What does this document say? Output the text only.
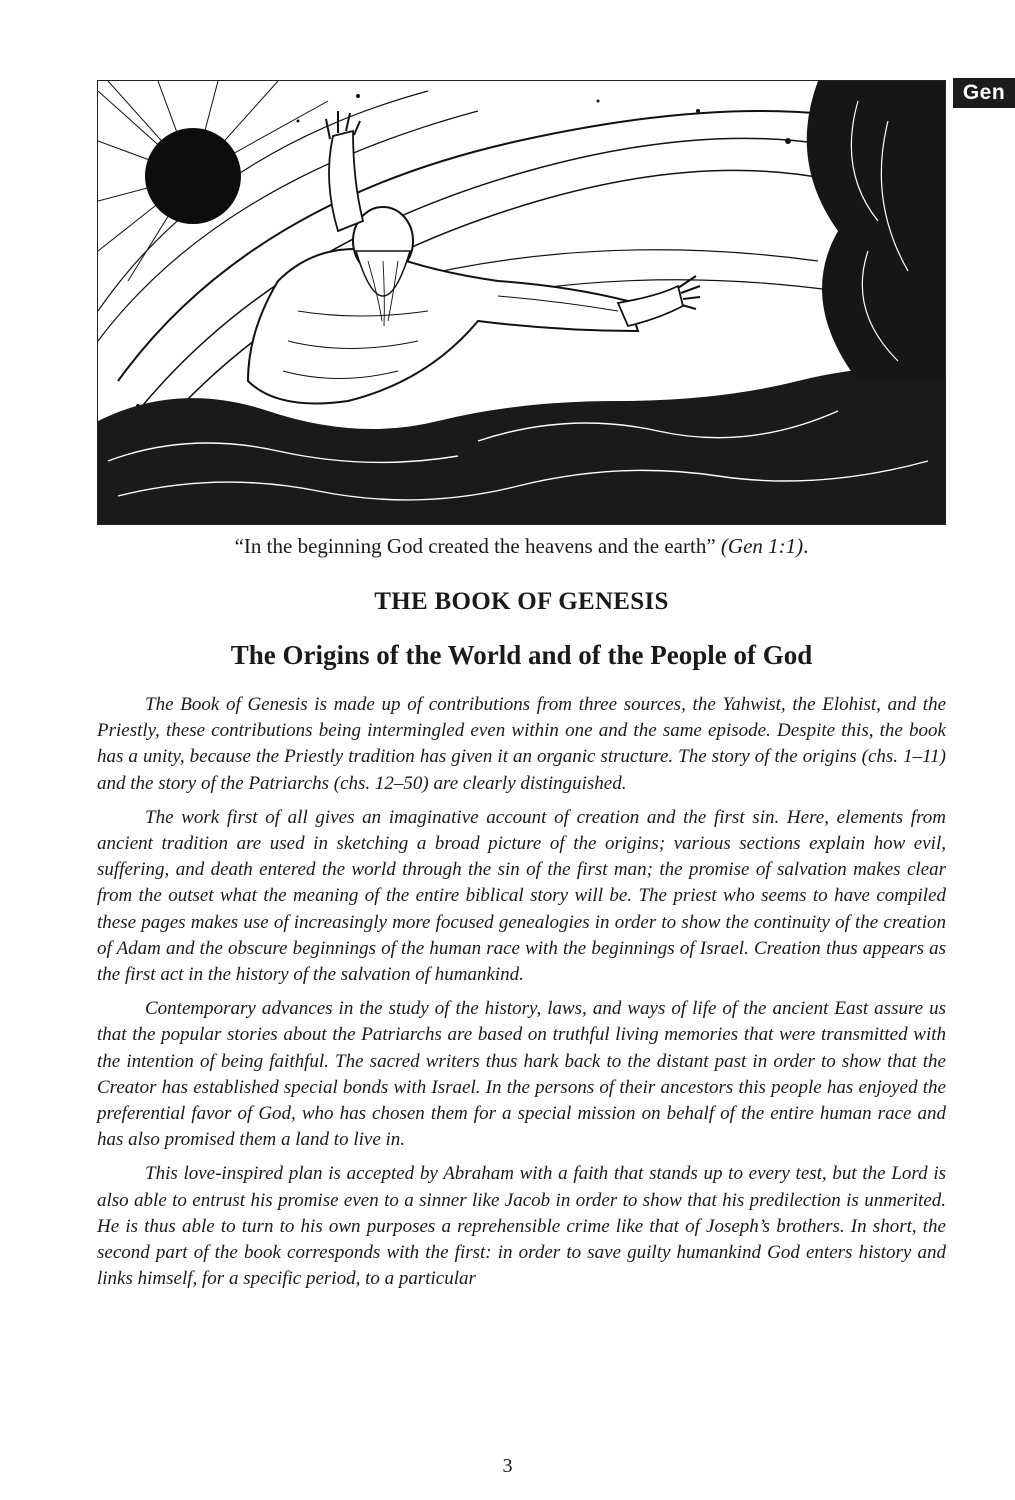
Gen
“In the beginning God created the heavens and the earth” (Gen 1:1).
THE BOOK OF GENESIS
The Origins of the World and of the People of God

The Book of Genesis is made up of contributions from three sources, the Yahwist, the Elohist, and the Priestly, these contributions being intermingled even within one and the same episode. Despite this, the book has a unity, because the Priestly tradition has given it an organic structure. The story of the origins (chs. 1–11) and the story of the Patriarchs (chs. 12–50) are clearly distinguished.

The work first of all gives an imaginative account of creation and the first sin. Here, elements from ancient tradition are used in sketching a broad picture of the origins; various sections explain how evil, suffering, and death entered the world through the sin of the first man; the promise of salvation makes clear from the outset what the meaning of the entire biblical story will be. The priest who seems to have compiled these pages makes use of increasingly more focused genealogies in order to show the continuity of the creation of Adam and the obscure beginnings of the human race with the beginnings of Israel. Creation thus appears as the first act in the history of the salvation of humankind.

Contemporary advances in the study of the history, laws, and ways of life of the ancient East assure us that the popular stories about the Patriarchs are based on truthful living memories that were transmitted with the intention of being faithful. The sacred writers thus hark back to the distant past in order to show that the Creator has established special bonds with Israel. In the persons of their ancestors this people has enjoyed the preferential favor of God, who has chosen them for a special mission on behalf of the entire human race and has also promised them a land to live in.

This love-inspired plan is accepted by Abraham with a faith that stands up to every test, but the Lord is also able to entrust his promise even to a sinner like Jacob in order to show that his predilection is unmerited. He is thus able to turn to his own purposes a reprehensible crime like that of Joseph’s brothers. In short, the second part of the book corresponds with the first: in order to save guilty humankind God enters history and links himself, for a specific period, to a particular

3
